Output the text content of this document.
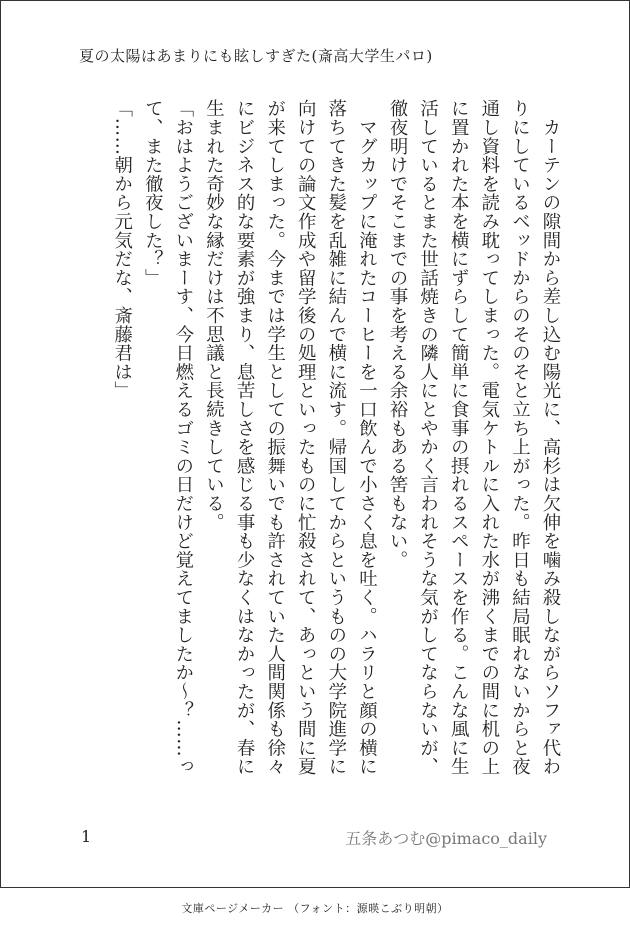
夏の太陽はあまりにも眩しすぎた(斎高大学生パロ)

　カーテンの隙間から差し込む陽光に、高杉は欠伸を噛み殺しながらソファ代わりにしているベッドからのそのそと立ち上がった。昨日も結局眠れないからと夜通し資料を読み耽ってしまった。電気ケトルに入れた水が沸くまでの間に机の上に置かれた本を横にずらして簡単に食事の摂れるスペースを作る。こんな風に生活しているとまた世話焼きの隣人にとやかく言われそうな気がしてならないが、徹夜明けでそこまでの事を考える余裕もある筈もない。

　マグカップに淹れたコーヒーを一口飲んで小さく息を吐く。ハラリと顔の横に落ちてきた髪を乱雑に結んで横に流す。帰国してからというものの大学院進学に向けての論文作成や留学後の処理といったものに忙殺されて、あっという間に夏が来てしまった。今までは学生としての振舞いでも許されていた人間関係も徐々にビジネス的な要素が強まり、息苦しさを感じる事も少なくはなかったが、春に生まれた奇妙な縁だけは不思議と長続きしている。

「おはようございまーす、今日燃えるゴミの日だけど覚えてましたか～？……って、また徹夜した？」

「……朝から元気だな、斎藤君は」

1	五条あつむ@pimaco_daily
文庫ページメーカー （フォント：源暎こぶり明朝）
